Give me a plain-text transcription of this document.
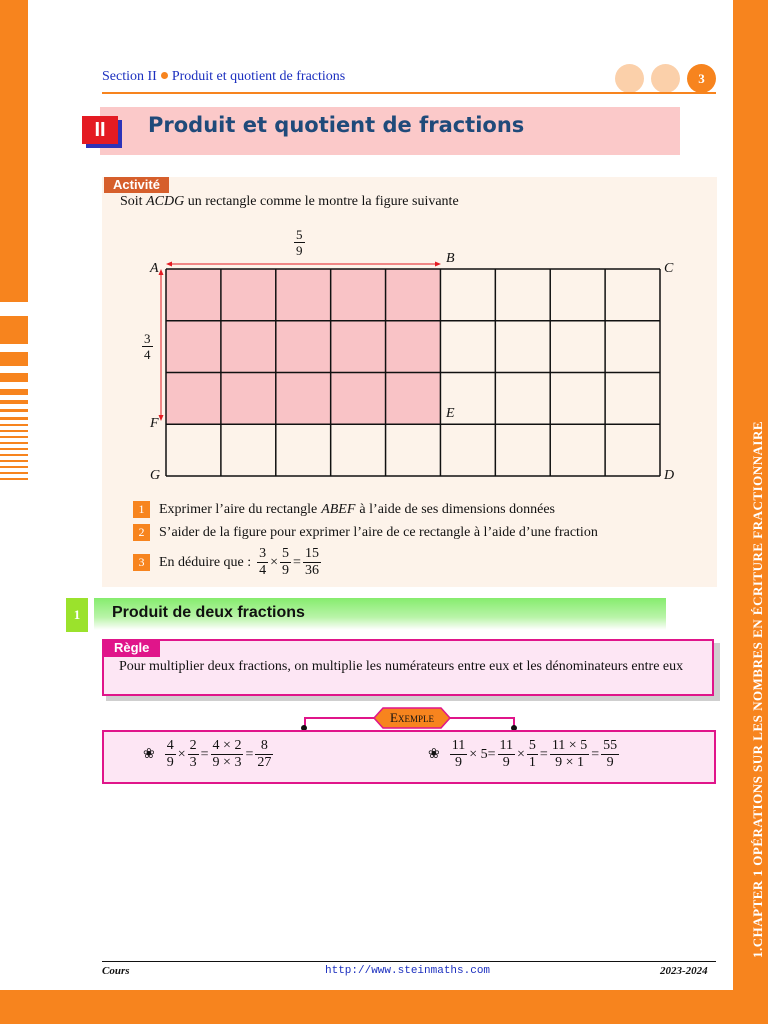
1.CHAPTER 1 OPÉRATIONS SUR LES NOMBRES EN ÉCRITURE FRACTIONNAIRE
Section II Produit et quotient de fractions	3
II	Produit et quotient de fractions
Activité
Soit ACDG un rectangle comme le montre la figure suivante
A
B
C
E
F
G	D
5
9
3
4
1	Exprimer l’aire du rectangle ABEF à l’aide de ses dimensions données
2	S’aider de la figure pour exprimer l’aire de ce rectangle à l’aide d’une fraction
3	En déduire que :
3
4
×
5
9
=
15
36
1	Produit de deux fractions
Règle
Pour multiplier deux fractions, on multiplie les numérateurs entre eux et les dénominateurs entre eux
Exemple
❀
4
9
×
2
3
=
4 × 2
9 × 3
=
8
27
❀
11
9
× 5 =
11
9
×
5
1
=
11 × 5
9 × 1
=
55
9
Cours	http://www.steinmaths.com	2023-2024
